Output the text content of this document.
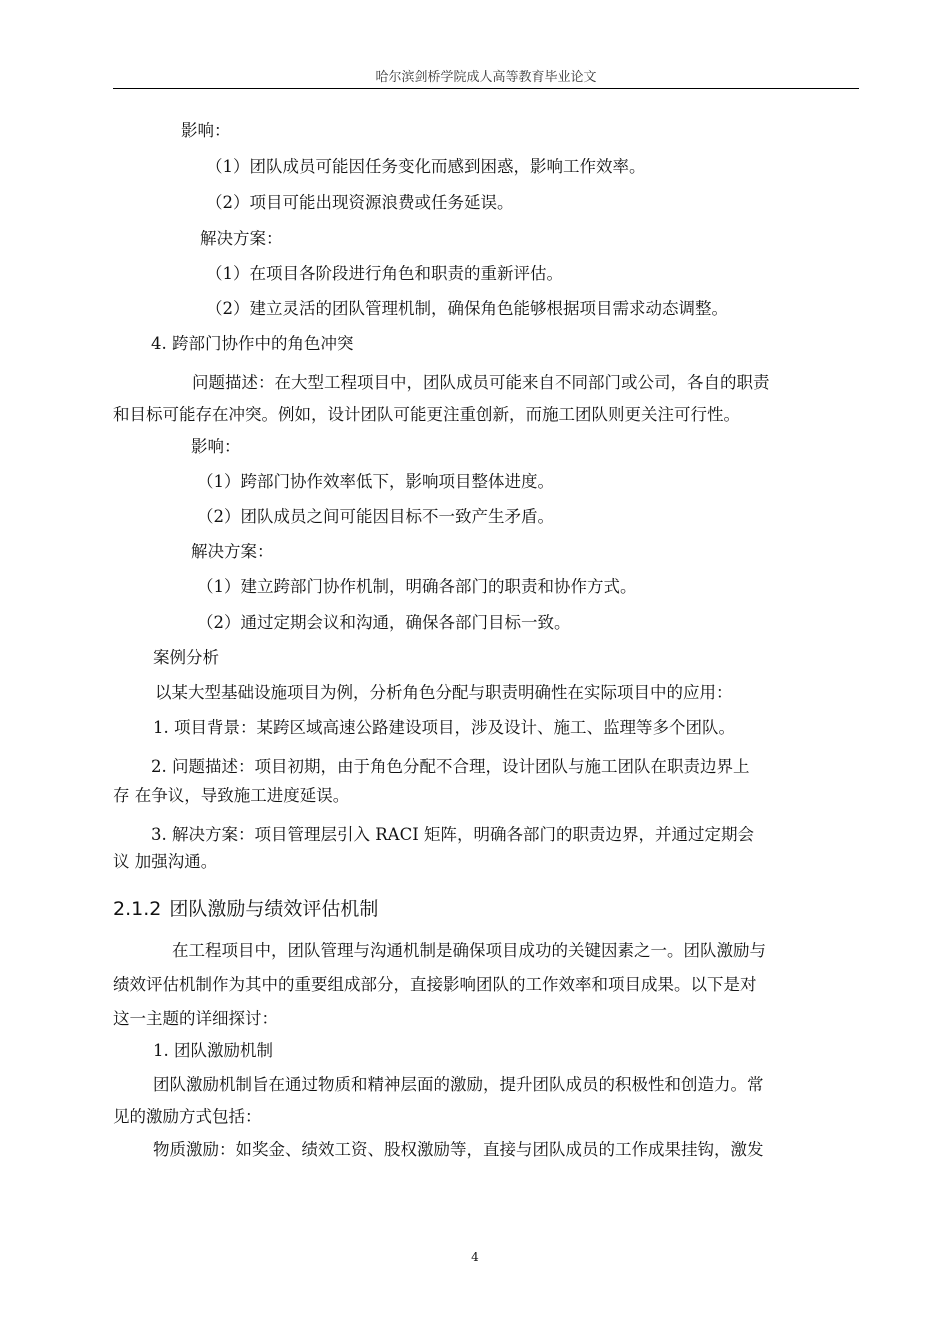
哈尔滨剑桥学院成人高等教育毕业论文
影响：
（1）团队成员可能因任务变化而感到困惑，影响工作效率。
（2）项目可能出现资源浪费或任务延误。
解决方案：
（1）在项目各阶段进行角色和职责的重新评估。
（2）建立灵活的团队管理机制，确保角色能够根据项目需求动态调整。
4. 跨部门协作中的角色冲突
问题描述：在大型工程项目中，团队成员可能来自不同部门或公司，各自的职责
和目标可能存在冲突。例如，设计团队可能更注重创新，而施工团队则更关注可行性。
影响：
（1）跨部门协作效率低下，影响项目整体进度。
（2）团队成员之间可能因目标不一致产生矛盾。
解决方案：
（1）建立跨部门协作机制，明确各部门的职责和协作方式。
（2）通过定期会议和沟通，确保各部门目标一致。
案例分析
以某大型基础设施项目为例，分析角色分配与职责明确性在实际项目中的应用：
1. 项目背景：某跨区域高速公路建设项目，涉及设计、施工、监理等多个团队。
2. 问题描述：项目初期，由于角色分配不合理，设计团队与施工团队在职责边界上
存 在争议，导致施工进度延误。
3. 解决方案：项目管理层引入 RACI 矩阵，明确各部门的职责边界，并通过定期会
议 加强沟通。
2.1.2 团队激励与绩效评估机制
在工程项目中，团队管理与沟通机制是确保项目成功的关键因素之一。团队激励与
绩效评估机制作为其中的重要组成部分，直接影响团队的工作效率和项目成果。以下是对
这一主题的详细探讨：
1. 团队激励机制
团队激励机制旨在通过物质和精神层面的激励，提升团队成员的积极性和创造力。常
见的激励方式包括：
物质激励：如奖金、绩效工资、股权激励等，直接与团队成员的工作成果挂钩，激发
4
